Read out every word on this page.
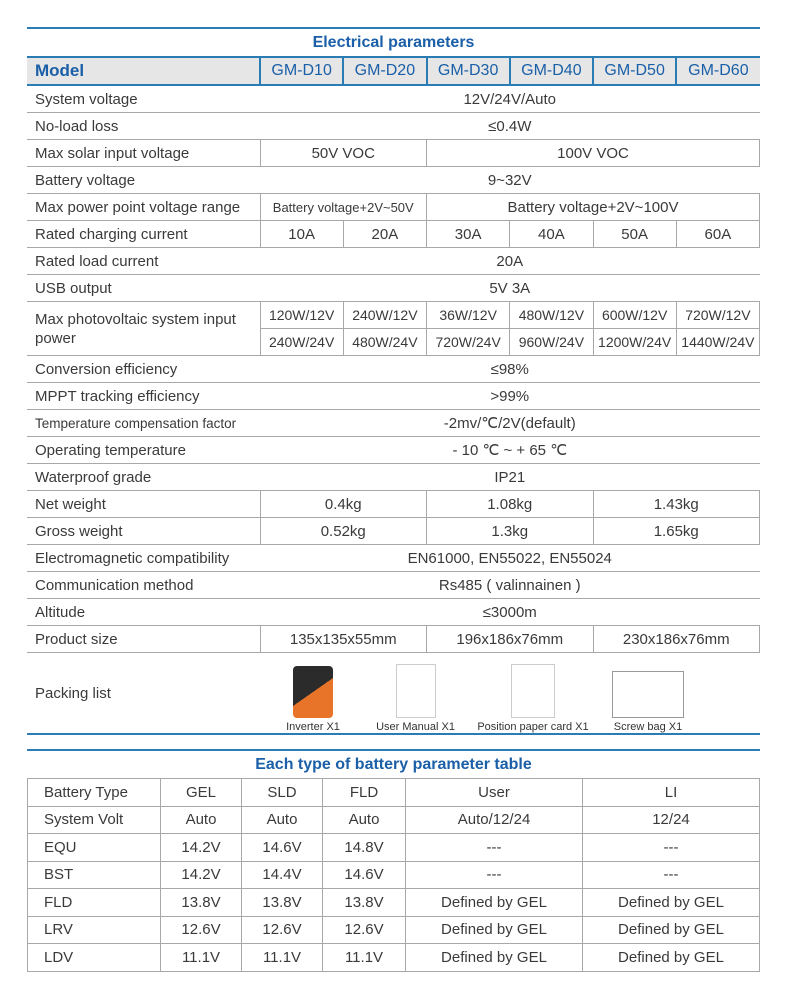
Electrical parameters
Model	GM-D10	GM-D20	GM-D30	GM-D40	GM-D50	GM-D60
System voltage	12V/24V/Auto					
No-load loss	≤0.4W					
Max solar input voltage	50V VOC		100V VOC			
Battery voltage	9~32V					
Max power point voltage range	Battery voltage+2V~50V		Battery voltage+2V~100V			
Rated charging current	10A	20A	30A	40A	50A	60A
Rated load current	20A					
USB output	5V 3A					
Max photovoltaic system input power	120W/12V	240W/12V	36W/12V	480W/12V	600W/12V	720W/12V
	240W/24V	480W/24V	720W/24V	960W/24V	1200W/24V	1440W/24V
Conversion efficiency	≤98%					
MPPT tracking efficiency	>99%					
Temperature compensation factor	-2mv/℃/2V(default)					
Operating temperature	- 10 ℃ ~ + 65 ℃					
Waterproof grade	IP21					
Net weight	0.4kg		1.08kg		1.43kg	
Gross weight	0.52kg		1.3kg		1.65kg	
Electromagnetic compatibility	EN61000, EN55022, EN55024					
Communication method	Rs485 ( valinnainen )					
Altitude	≤3000m					
Product size	135x135x55mm		196x186x76mm		230x186x76mm	
Packing list
Inverter X1	User Manual X1 Position paper card X1 Screw bag X1
Each type of battery parameter table
Battery Type	GEL	SLD	FLD	User	LI
System Volt	Auto	Auto	Auto	Auto/12/24	12/24
EQU	14.2V	14.6V	14.8V	---	---
BST	14.2V	14.4V	14.6V	---	---
FLD	13.8V	13.8V	13.8V	Defined by GEL	Defined by GEL
LRV	12.6V	12.6V	12.6V	Defined by GEL	Defined by GEL
LDV	11.1V	11.1V	11.1V	Defined by GEL	Defined by GEL
